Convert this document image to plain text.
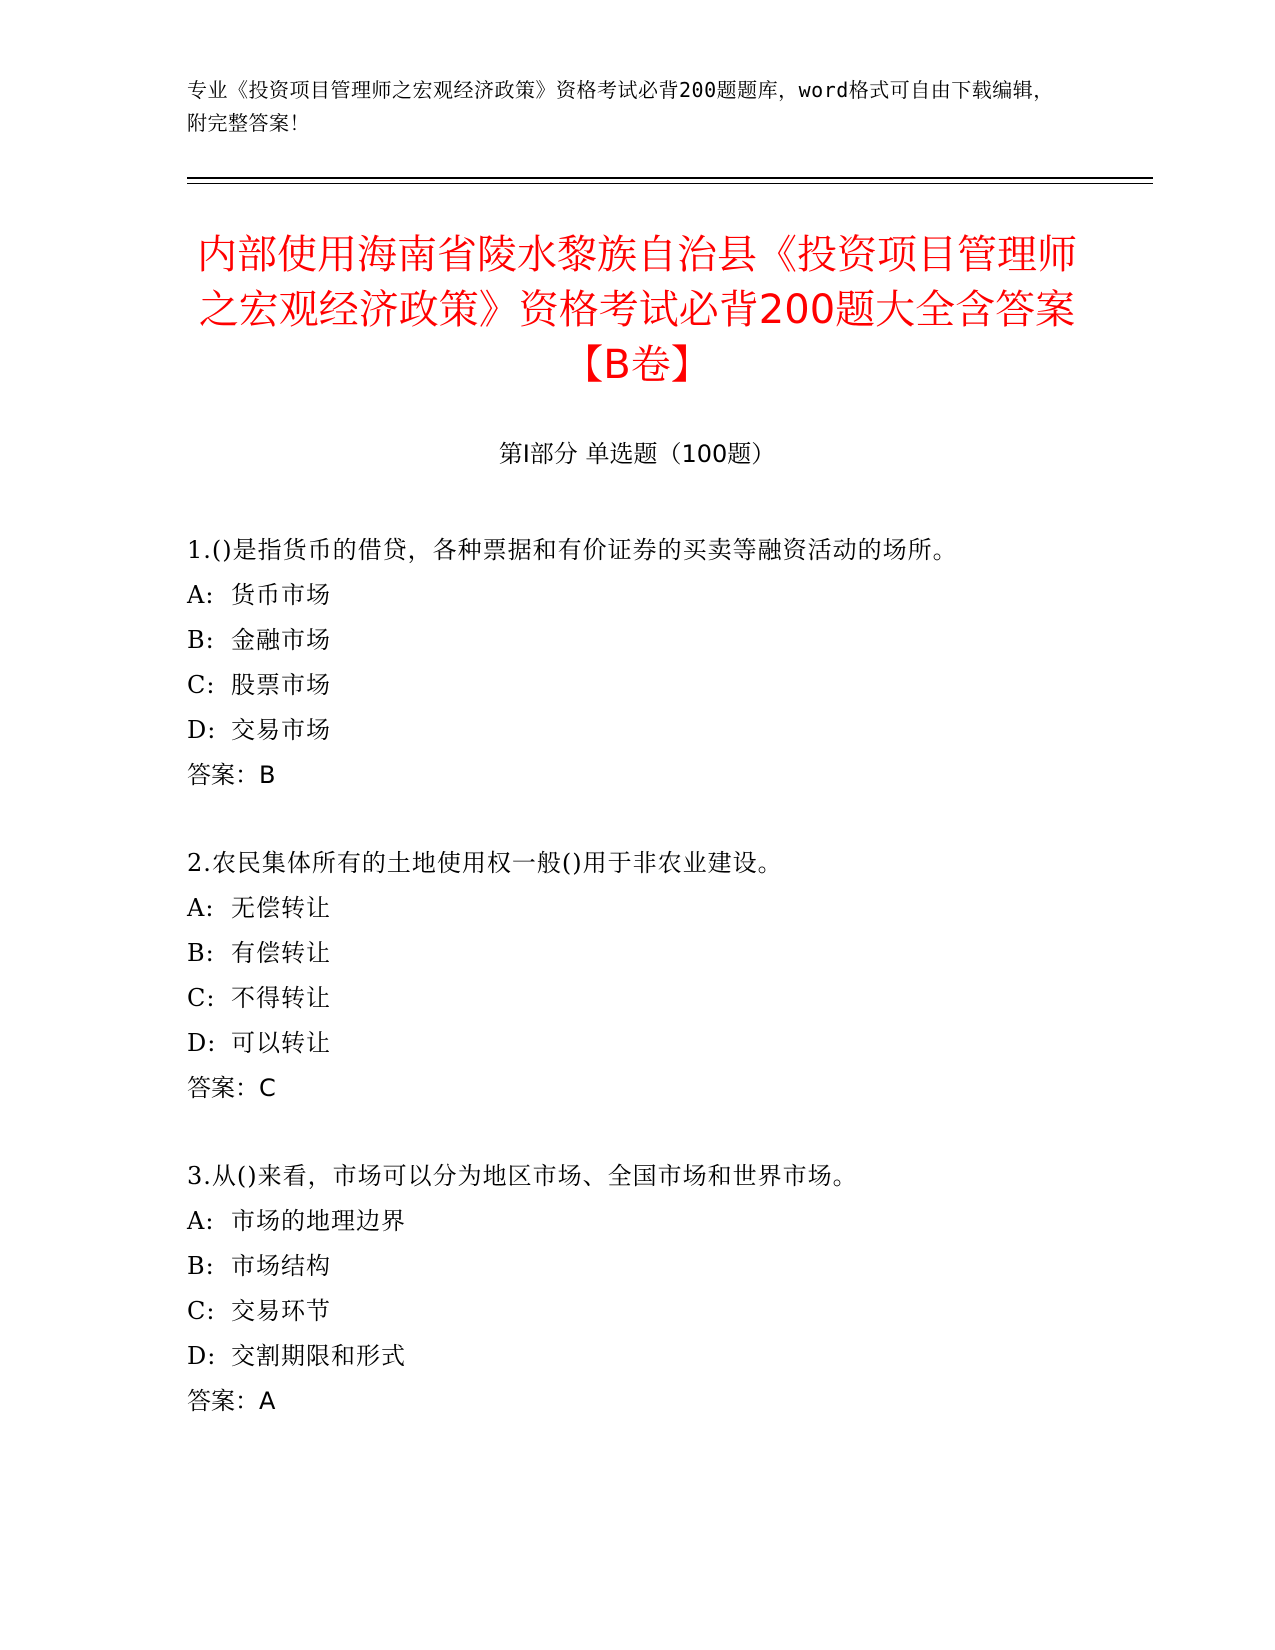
专业《投资项目管理师之宏观经济政策》资格考试必背200题题库，word格式可自由下载编辑，附完整答案！
内部使用海南省陵水黎族自治县《投资项目管理师之宏观经济政策》资格考试必背200题大全含答案【B卷】
第I部分 单选题（100题）
1.()是指货币的借贷，各种票据和有价证券的买卖等融资活动的场所。
A: 货币市场
B: 金融市场
C: 股票市场
D: 交易市场
答案：B
2.农民集体所有的土地使用权一般()用于非农业建设。
A: 无偿转让
B: 有偿转让
C: 不得转让
D: 可以转让
答案：C
3.从()来看，市场可以分为地区市场、全国市场和世界市场。
A: 市场的地理边界
B: 市场结构
C: 交易环节
D: 交割期限和形式
答案：A
